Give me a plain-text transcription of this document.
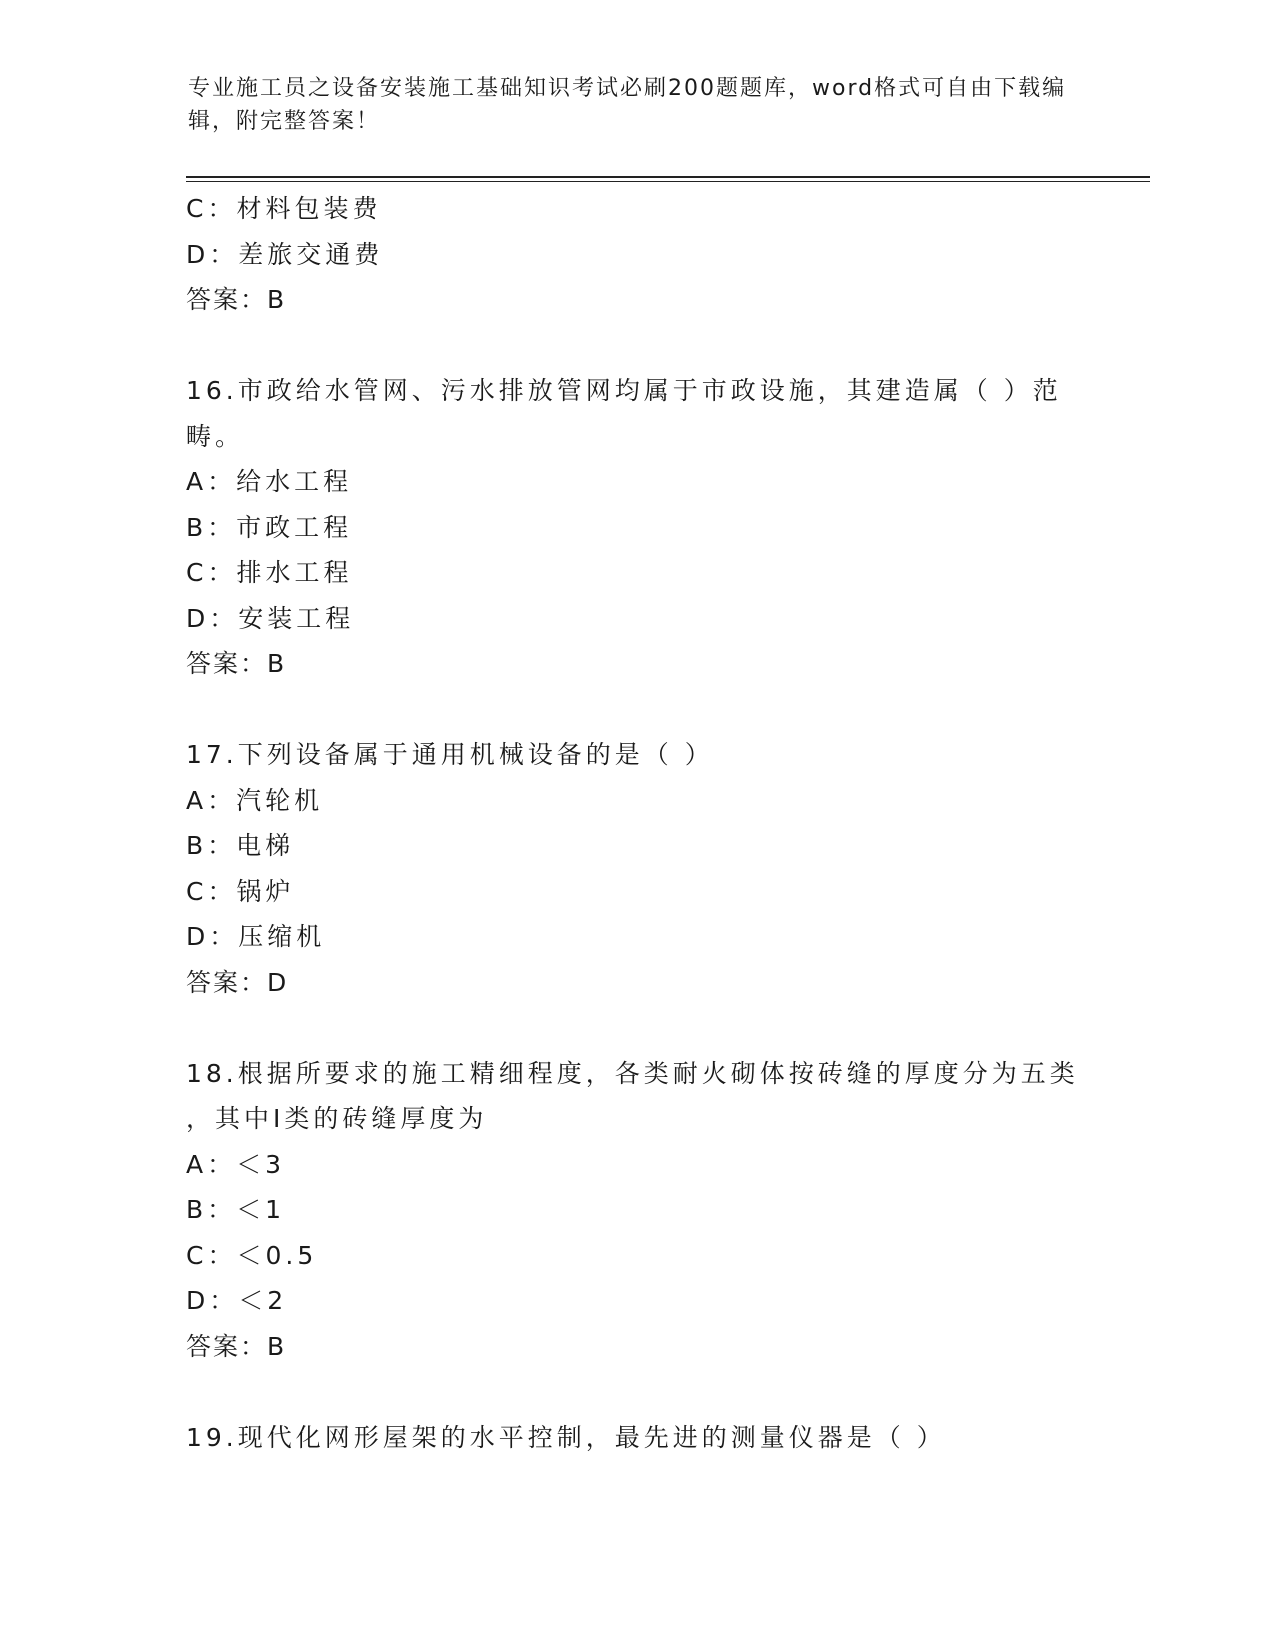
专业施工员之设备安装施工基础知识考试必刷200题题库，word格式可自由下载编辑，附完整答案！
C：材料包装费
D：差旅交通费
答案：B
16.市政给水管网、污水排放管网均属于市政设施，其建造属（ ）范畴。
A：给水工程
B：市政工程
C：排水工程
D：安装工程
答案：B
17.下列设备属于通用机械设备的是（ ）
A：汽轮机
B：电梯
C：锅炉
D：压缩机
答案：D
18.根据所要求的施工精细程度，各类耐火砌体按砖缝的厚度分为五类
，其中Ⅰ类的砖缝厚度为
A：＜3
B：＜1
C：＜0.5
D：＜2
答案：B
19.现代化网形屋架的水平控制，最先进的测量仪器是（ ）
